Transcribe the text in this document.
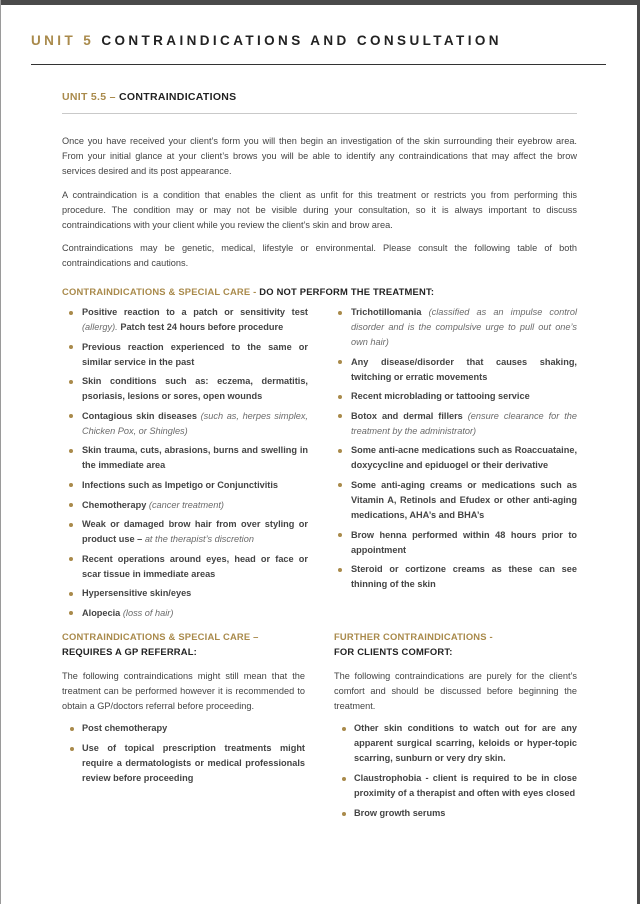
UNIT 5 CONTRAINDICATIONS AND CONSULTATION
UNIT 5.5 – CONTRAINDICATIONS

Once you have received your client’s form you will then begin an investigation of the skin surrounding their eyebrow area. From your initial glance at your client’s brows you will be able to identify any contraindications that may affect the brow services desired and its post appearance.

A contraindication is a condition that enables the client as unfit for this treatment or restricts you from performing this procedure. The condition may or may not be visible during your consultation, so it is always important to discuss contraindications with your client while you review the client’s skin and brow area.

Contraindications may be genetic, medical, lifestyle or environmental. Please consult the following table of both contraindications and cautions.

CONTRAINDICATIONS & SPECIAL CARE - DO NOT PERFORM THE TREATMENT:
Positive reaction to a patch or sensitivity test (allergy). Patch test 24 hours before procedure
Previous reaction experienced to the same or similar service in the past
Skin conditions such as: eczema, dermatitis, psoriasis, lesions or sores, open wounds
Contagious skin diseases (such as, herpes simplex, Chicken Pox, or Shingles)
Skin trauma, cuts, abrasions, burns and swelling in the immediate area
Infections such as Impetigo or Conjunctivitis
Chemotherapy (cancer treatment)
Weak or damaged brow hair from over styling or product use – at the therapist’s discretion
Recent operations around eyes, head or face or scar tissue in immediate areas
Hypersensitive skin/eyes
Alopecia (loss of hair)
Trichotillomania (classified as an impulse control disorder and is the compulsive urge to pull out one’s own hair)
Any disease/disorder that causes shaking, twitching or erratic movements
Recent microblading or tattooing service
Botox and dermal fillers (ensure clearance for the treatment by the administrator)
Some anti-acne medications such as Roaccuataine, doxycycline and epiduogel or their derivative
Some anti-aging creams or medications such as Vitamin A, Retinols and Efudex or other anti-aging medications, AHA’s and BHA’s
Brow henna performed within 48 hours prior to appointment
Steroid or cortizone creams as these can see thinning of the skin
CONTRAINDICATIONS & SPECIAL CARE –
REQUIRES A GP REFERRAL:

The following contraindications might still mean that the treatment can be performed however it is recommended to obtain a GP/doctors referral before proceeding.

Post chemotherapy
Use of topical prescription treatments might require a dermatologists or medical professionals review before proceeding
FURTHER CONTRAINDICATIONS -
FOR CLIENTS COMFORT:

The following contraindications are purely for the client’s comfort and should be discussed before beginning the treatment.

Other skin conditions to watch out for are any apparent surgical scarring, keloids or hyper-topic scarring, sunburn or very dry skin.
Claustrophobia - client is required to be in close proximity of a therapist and often with eyes closed
Brow growth serums
